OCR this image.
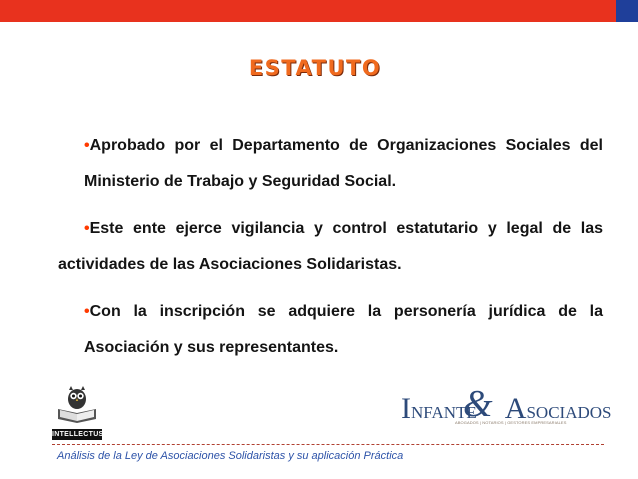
ESTATUTO
•Aprobado por el Departamento de Organizaciones Sociales del Ministerio de Trabajo y Seguridad Social.
•Este ente ejerce vigilancia y control estatutario y legal de las actividades de las Asociaciones Solidaristas.
•Con la inscripción se adquiere la personería jurídica de la Asociación y sus representantes.
INTELLECTUS
INFANTE ASOCIADOS
&
ABOGADOS | NOTARIOS | GESTORES EMPRESARIALES
Análisis de la Ley de Asociaciones Solidaristas y su aplicación Práctica
